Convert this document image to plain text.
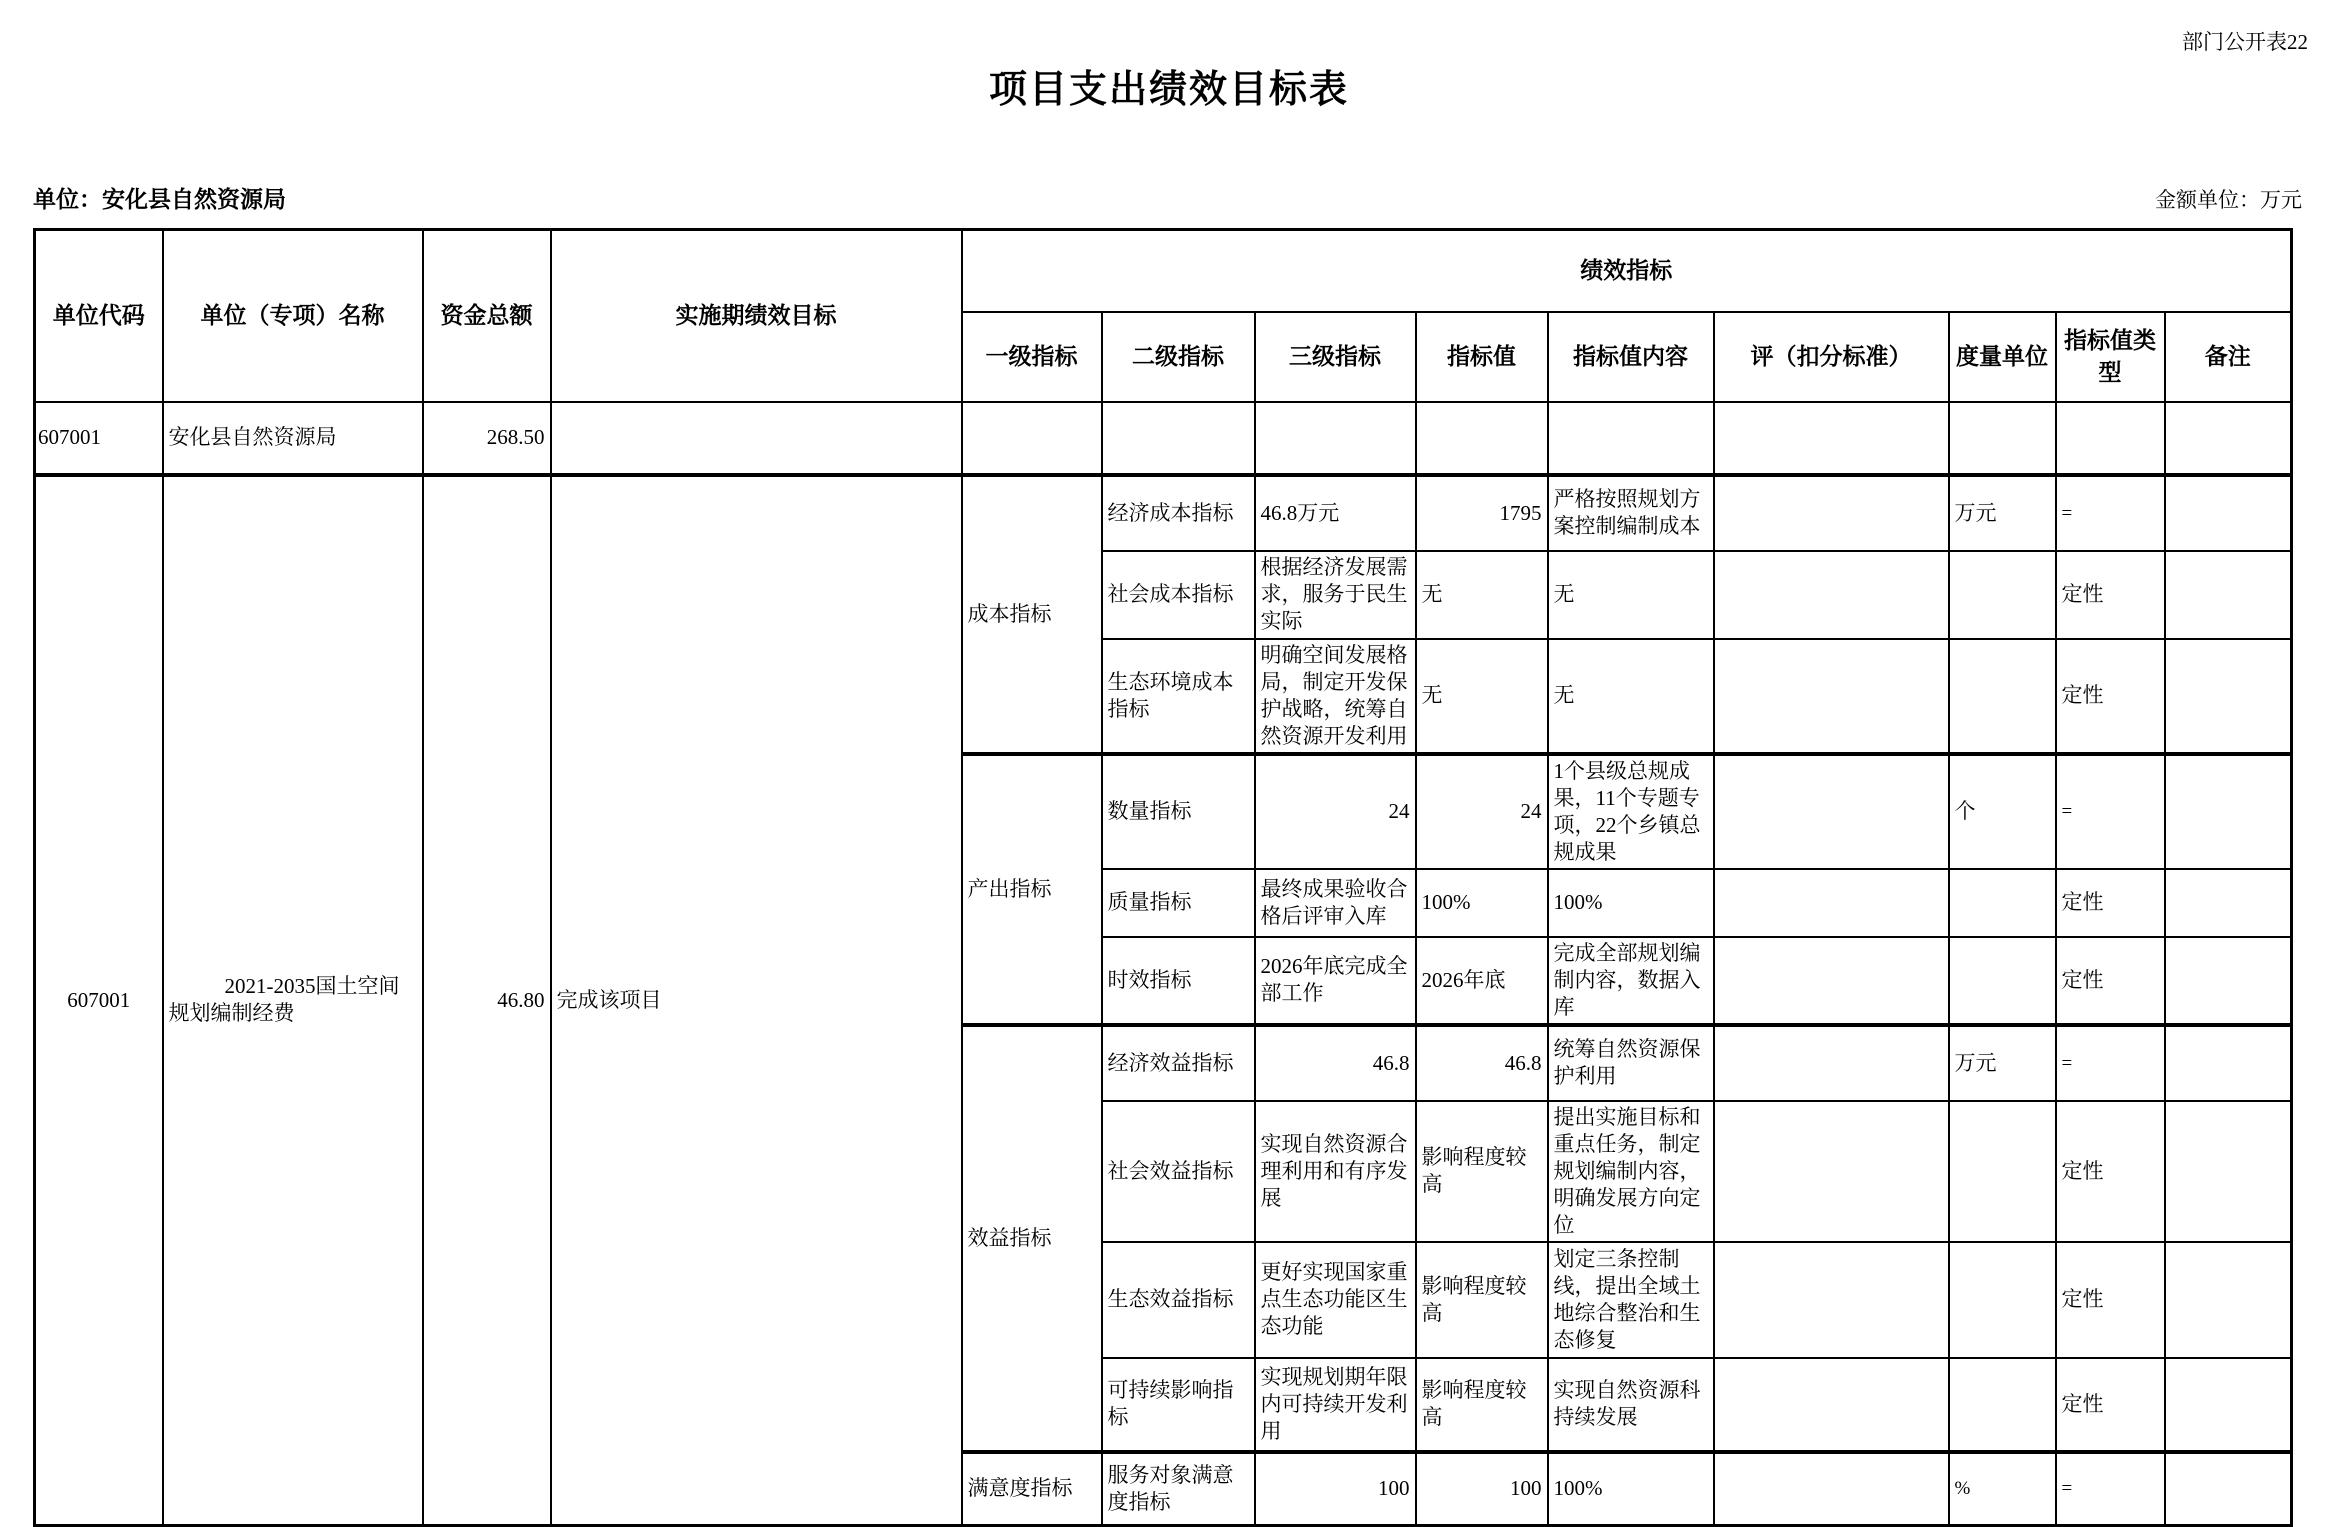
部门公开表22
项目支出绩效目标表
单位：安化县自然资源局	金额单位：万元
单位代码	单位（专项）名称	资金总额	实施期绩效目标	绩效指标								
				一级指标	二级指标	三级指标	指标值	指标值内容	评（扣分标准）	度量单位	指标值类型	备注

607001	安化县自然资源局	268.50										

607001	2021-2035国土空间规划编制经费	46.80	完成该项目	成本指标	经济成本指标	46.8万元	1795	严格按照规划方案控制编制成本		万元	=	

					社会成本指标	根据经济发展需求，服务于民生实际	无	无			定性	

					生态环境成本指标	明确空间发展格局，制定开发保护战略，统筹自然资源开发利用	无	无			定性	

				产出指标	数量指标	24	24	1个县级总规成果，11个专题专项，22个乡镇总规成果		个	=	

					质量指标	最终成果验收合格后评审入库	100%	100%			定性	

					时效指标	2026年底完成全部工作	2026年底	完成全部规划编制内容，数据入库			定性	

				效益指标	经济效益指标	46.8	46.8	统筹自然资源保护利用		万元	=	

					社会效益指标	实现自然资源合理利用和有序发展	影响程度较高	提出实施目标和重点任务，制定规划编制内容，明确发展方向定位			定性	

					生态效益指标	更好实现国家重点生态功能区生态功能	影响程度较高	划定三条控制线，提出全域土地综合整治和生态修复			定性	

					可持续影响指标	实现规划期年限内可持续开发利用	影响程度较高	实现自然资源科持续发展			定性	

				满意度指标	服务对象满意度指标	100	100	100%		%	=	
